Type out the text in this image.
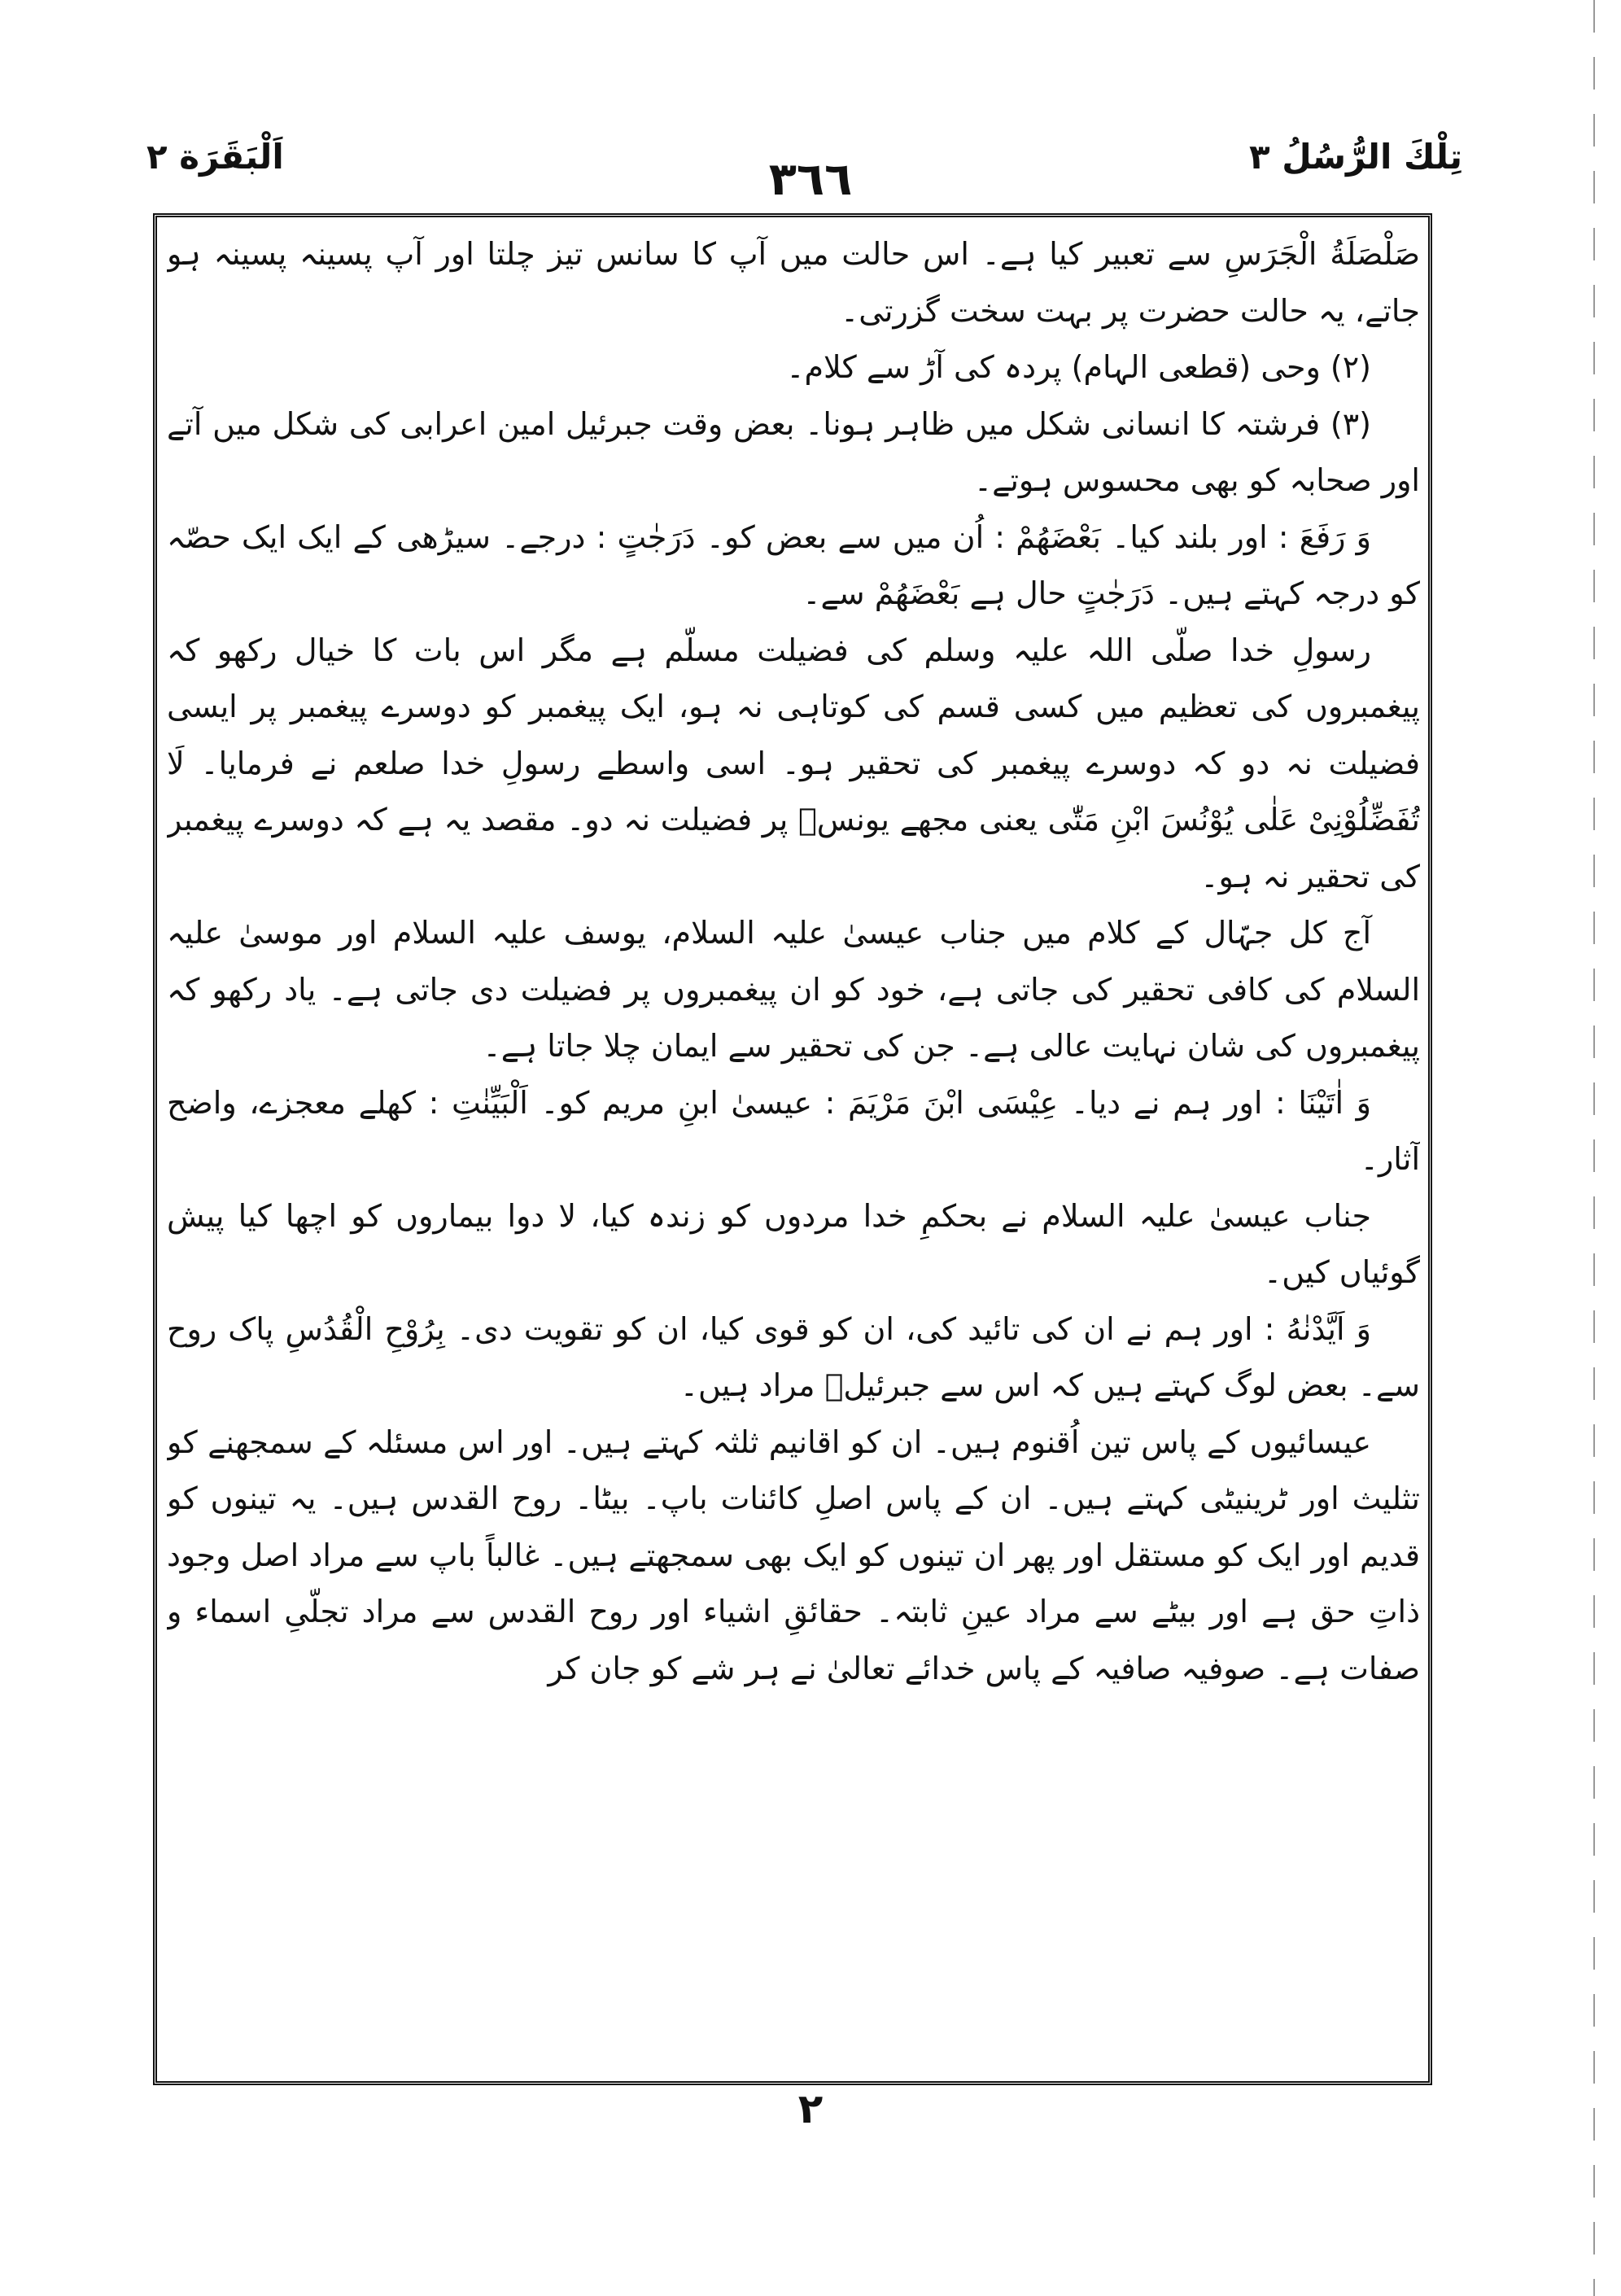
تِلْكَ الرُّسُلُ ٣
اَلْبَقَرَة ٢	٣٦٦

صَلْصَلَةُ الْجَرَسِ سے تعبیر کیا ہے۔ اس حالت میں آپ کا سانس تیز چلتا اور آپ پسینہ پسینہ ہو جاتے، یہ حالت حضرت پر بہت سخت گزرتی۔

(۲) وحی (قطعی الہام) پردہ کی آڑ سے کلام۔

(۳) فرشتہ کا انسانی شکل میں ظاہر ہونا۔ بعض وقت جبرئیل امین اعرابی کی شکل میں آتے اور صحابہ کو بھی محسوس ہوتے۔

وَ رَفَعَ : اور بلند کیا۔ بَعْضَھُمْ : اُن میں سے بعض کو۔ دَرَجٰتٍ : درجے۔ سیڑھی کے ایک ایک حصّہ کو درجہ کہتے ہیں۔ دَرَجٰتٍ حال ہے بَعْضَھُمْ سے۔

رسولِ خدا صلّی اللہ علیہ وسلم کی فضیلت مسلّم ہے مگر اس بات کا خیال رکھو کہ پیغمبروں کی تعظیم میں کسی قسم کی کوتاہی نہ ہو، ایک پیغمبر کو دوسرے پیغمبر پر ایسی فضیلت نہ دو کہ دوسرے پیغمبر کی تحقیر ہو۔ اسی واسطے رسولِ خدا صلعم نے فرمایا۔ لَا تُفَضِّلُوْنِیْ عَلٰی یُوْنُسَ ابْنِ مَتّٰی یعنی مجھے یونسؑ پر فضیلت نہ دو۔ مقصد یہ ہے کہ دوسرے پیغمبر کی تحقیر نہ ہو۔

آج کل جہّال کے کلام میں جناب عیسیٰ علیہ السلام، یوسف علیہ السلام اور موسیٰ علیہ السلام کی کافی تحقیر کی جاتی ہے، خود کو ان پیغمبروں پر فضیلت دی جاتی ہے۔ یاد رکھو کہ پیغمبروں کی شان نہایت عالی ہے۔ جن کی تحقیر سے ایمان چلا جاتا ہے۔

وَ اٰتَیْنَا : اور ہم نے دیا۔ عِیْسَی ابْنَ مَرْیَمَ : عیسیٰ ابنِ مریم کو۔ اَلْبَیِّنٰتِ : کھلے معجزے، واضح آثار۔

جناب عیسیٰ علیہ السلام نے بحکمِ خدا مردوں کو زندہ کیا، لا دوا بیماروں کو اچھا کیا پیش گوئیاں کیں۔

وَ اَیَّدْنٰهُ : اور ہم نے ان کی تائید کی، ان کو قوی کیا، ان کو تقویت دی۔ بِرُوْحِ الْقُدُسِ پاک روح سے۔ بعض لوگ کہتے ہیں کہ اس سے جبرئیلؑ مراد ہیں۔

عیسائیوں کے پاس تین اُقنوم ہیں۔ ان کو اقانیم ثلثہ کہتے ہیں۔ اور اس مسئلہ کے سمجھنے کو تثلیث اور ٹرینیٹی کہتے ہیں۔ ان کے پاس اصلِ کائنات باپ۔ بیٹا۔ روح القدس ہیں۔ یہ تینوں کو قدیم اور ایک کو مستقل اور پھر ان تینوں کو ایک بھی سمجھتے ہیں۔ غالباً باپ سے مراد اصل وجود ذاتِ حق ہے اور بیٹے سے مراد عینِ ثابتہ۔ حقائقِ اشیاء اور روح القدس سے مراد تجلّیِ اسماء و صفات ہے۔ صوفیہ صافیہ کے پاس خدائے تعالیٰ نے ہر شے کو جان کر

۲
